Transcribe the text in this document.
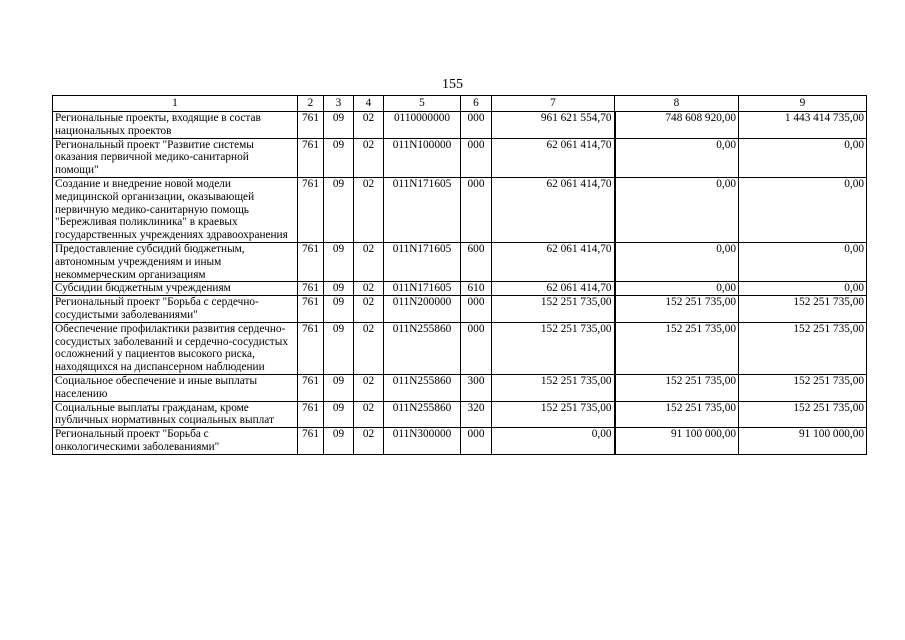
155
1	2	3	4	5	6	7	8	9
Региональные проекты, входящие в состав национальных проектов	761	09	02	0110000000	000	961 621 554,70	748 608 920,00	1 443 414 735,00
Региональный проект "Развитие системы оказания первичной медико-санитарной помощи"	761	09	02	011N100000	000	62 061 414,70	0,00	0,00
Создание и внедрение новой модели медицинской организации, оказывающей первичную медико-санитарную помощь "Бережливая поликлиника" в краевых государственных учреждениях здравоохранения	761	09	02	011N171605	000	62 061 414,70	0,00	0,00
Предоставление субсидий бюджетным, автономным учреждениям и иным некоммерческим организациям	761	09	02	011N171605	600	62 061 414,70	0,00	0,00
Субсидии бюджетным учреждениям	761	09	02	011N171605	610	62 061 414,70	0,00	0,00
Региональный проект "Борьба с сердечно-сосудистыми заболеваниями"	761	09	02	011N200000	000	152 251 735,00	152 251 735,00	152 251 735,00
Обеспечение профилактики развития сердечно-сосудистых заболеваний и сердечно-сосудистых осложнений у пациентов высокого риска, находящихся на диспансерном наблюдении	761	09	02	011N255860	000	152 251 735,00	152 251 735,00	152 251 735,00
Социальное обеспечение и иные выплаты населению	761	09	02	011N255860	300	152 251 735,00	152 251 735,00	152 251 735,00
Социальные выплаты гражданам, кроме публичных нормативных социальных выплат	761	09	02	011N255860	320	152 251 735,00	152 251 735,00	152 251 735,00
Региональный проект "Борьба с онкологическими заболеваниями"	761	09	02	011N300000	000	0,00	91 100 000,00	91 100 000,00
